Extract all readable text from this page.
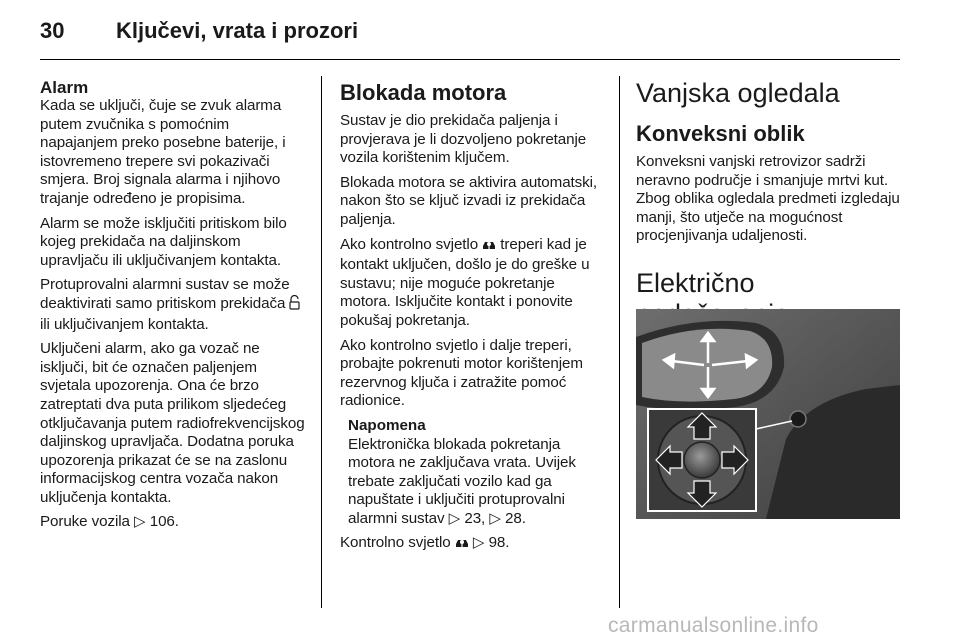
30 Ključevi, vrata i prozori
Alarm

Kada se uključi, čuje se zvuk alarma putem zvučnika s pomoćnim napajanjem preko posebne baterije, i istovremeno trepere svi pokazivači smjera. Broj signala alarma i njihovo trajanje određeno je propisima.

Alarm se može isključiti pritiskom bilo kojeg prekidača na daljinskom upravljaču ili uključivanjem kontakta.

Protuprovalni alarmni sustav se može deaktivirati samo pritiskom prekidača  ili uključivanjem kontakta.

Uključeni alarm, ako ga vozač ne isključi, bit će označen paljenjem svjetala upozorenja. Ona će brzo zatreptati dva puta prilikom sljedećeg otključavanja putem radiofrekvencijskog daljinskog upravljača. Dodatna poruka upozorenja prikazat će se na zaslonu informacijskog centra vozača nakon uključenja kontakta.

Poruke vozila ▷ 106.

Blokada motora

Sustav je dio prekidača paljenja i provjerava je li dozvoljeno pokretanje vozila korištenim ključem.

Blokada motora se aktivira automatski, nakon što se ključ izvadi iz prekidača paljenja.

Ako kontrolno svjetlo treperi kad je kontakt uključen, došlo je do greške u sustavu; nije moguće pokretanje motora. Isključite kontakt i ponovite pokušaj pokretanja.

Ako kontrolno svjetlo i dalje treperi, probajte pokrenuti motor korištenjem rezervnog ključa i zatražite pomoć radionice.

Napomena

Elektronička blokada pokretanja motora ne zaključava vrata. Uvijek trebate zaključati vozilo kad ga napuštate i uključiti protuprovalni alarmni sustav ▷ 23, ▷ 28.

Kontrolno svjetlo ▷ 98.

Vanjska ogledala
Konveksni oblik

Konveksni vanjski retrovizor sadrži neravno područje i smanjuje mrtvi kut. Zbog oblika ogledala predmeti izgledaju manji, što utječe na mogućnost procjenjivanja udaljenosti.

Električno
carmanualsonline.info
